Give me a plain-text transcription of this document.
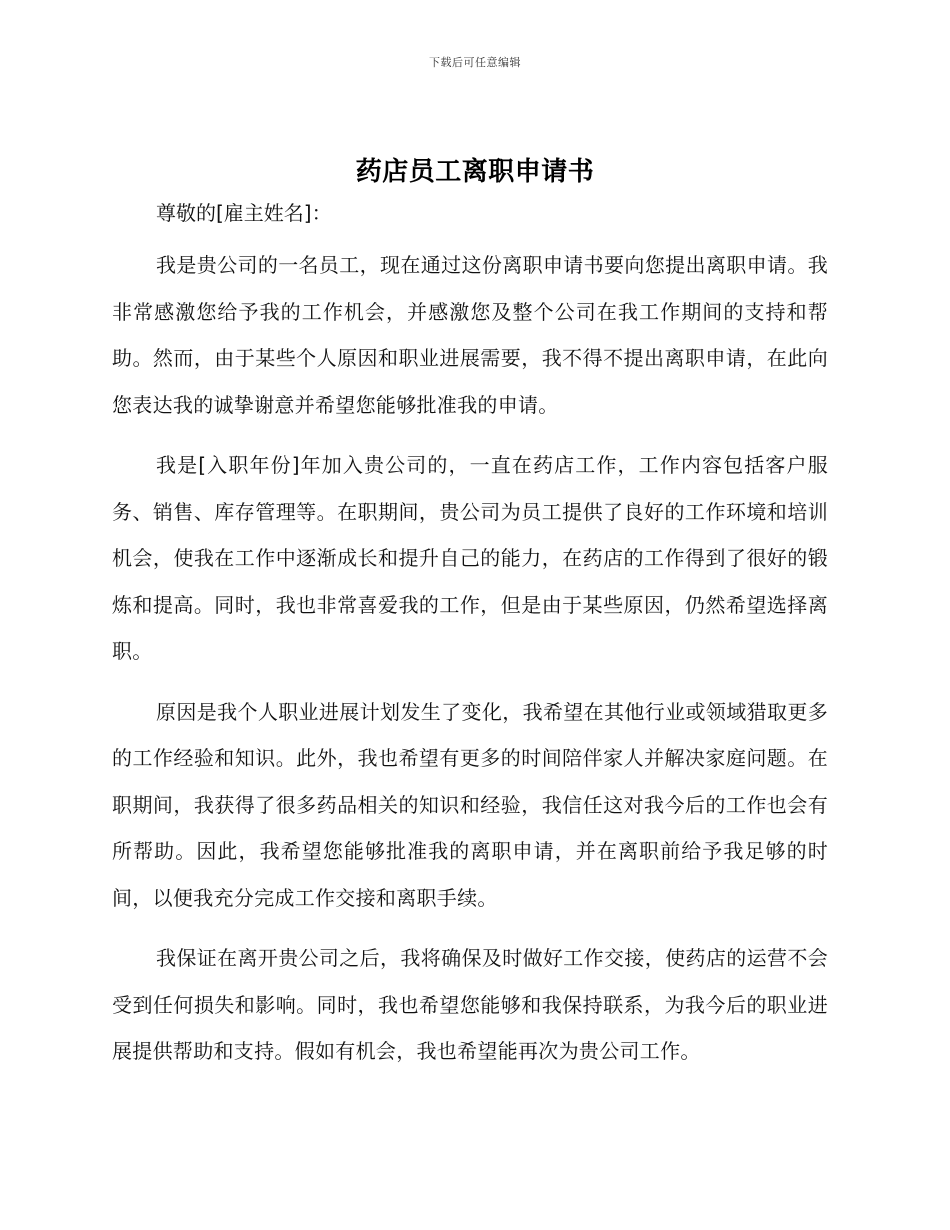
下载后可任意编辑
药店员工离职申请书

尊敬的[雇主姓名]：

我是贵公司的一名员工，现在通过这份离职申请书要向您提出离职申请。我非常感激您给予我的工作机会，并感激您及整个公司在我工作期间的支持和帮助。然而，由于某些个人原因和职业进展需要，我不得不提出离职申请，在此向您表达我的诚挚谢意并希望您能够批准我的申请。

我是[入职年份]年加入贵公司的，一直在药店工作，工作内容包括客户服务、销售、库存管理等。在职期间，贵公司为员工提供了良好的工作环境和培训机会，使我在工作中逐渐成长和提升自己的能力，在药店的工作得到了很好的锻炼和提高。同时，我也非常喜爱我的工作，但是由于某些原因，仍然希望选择离职。

原因是我个人职业进展计划发生了变化，我希望在其他行业或领域猎取更多的工作经验和知识。此外，我也希望有更多的时间陪伴家人并解决家庭问题。在职期间，我获得了很多药品相关的知识和经验，我信任这对我今后的工作也会有所帮助。因此，我希望您能够批准我的离职申请，并在离职前给予我足够的时间，以便我充分完成工作交接和离职手续。

我保证在离开贵公司之后，我将确保及时做好工作交接，使药店的运营不会受到任何损失和影响。同时，我也希望您能够和我保持联系，为我今后的职业进展提供帮助和支持。假如有机会，我也希望能再次为贵公司工作。
